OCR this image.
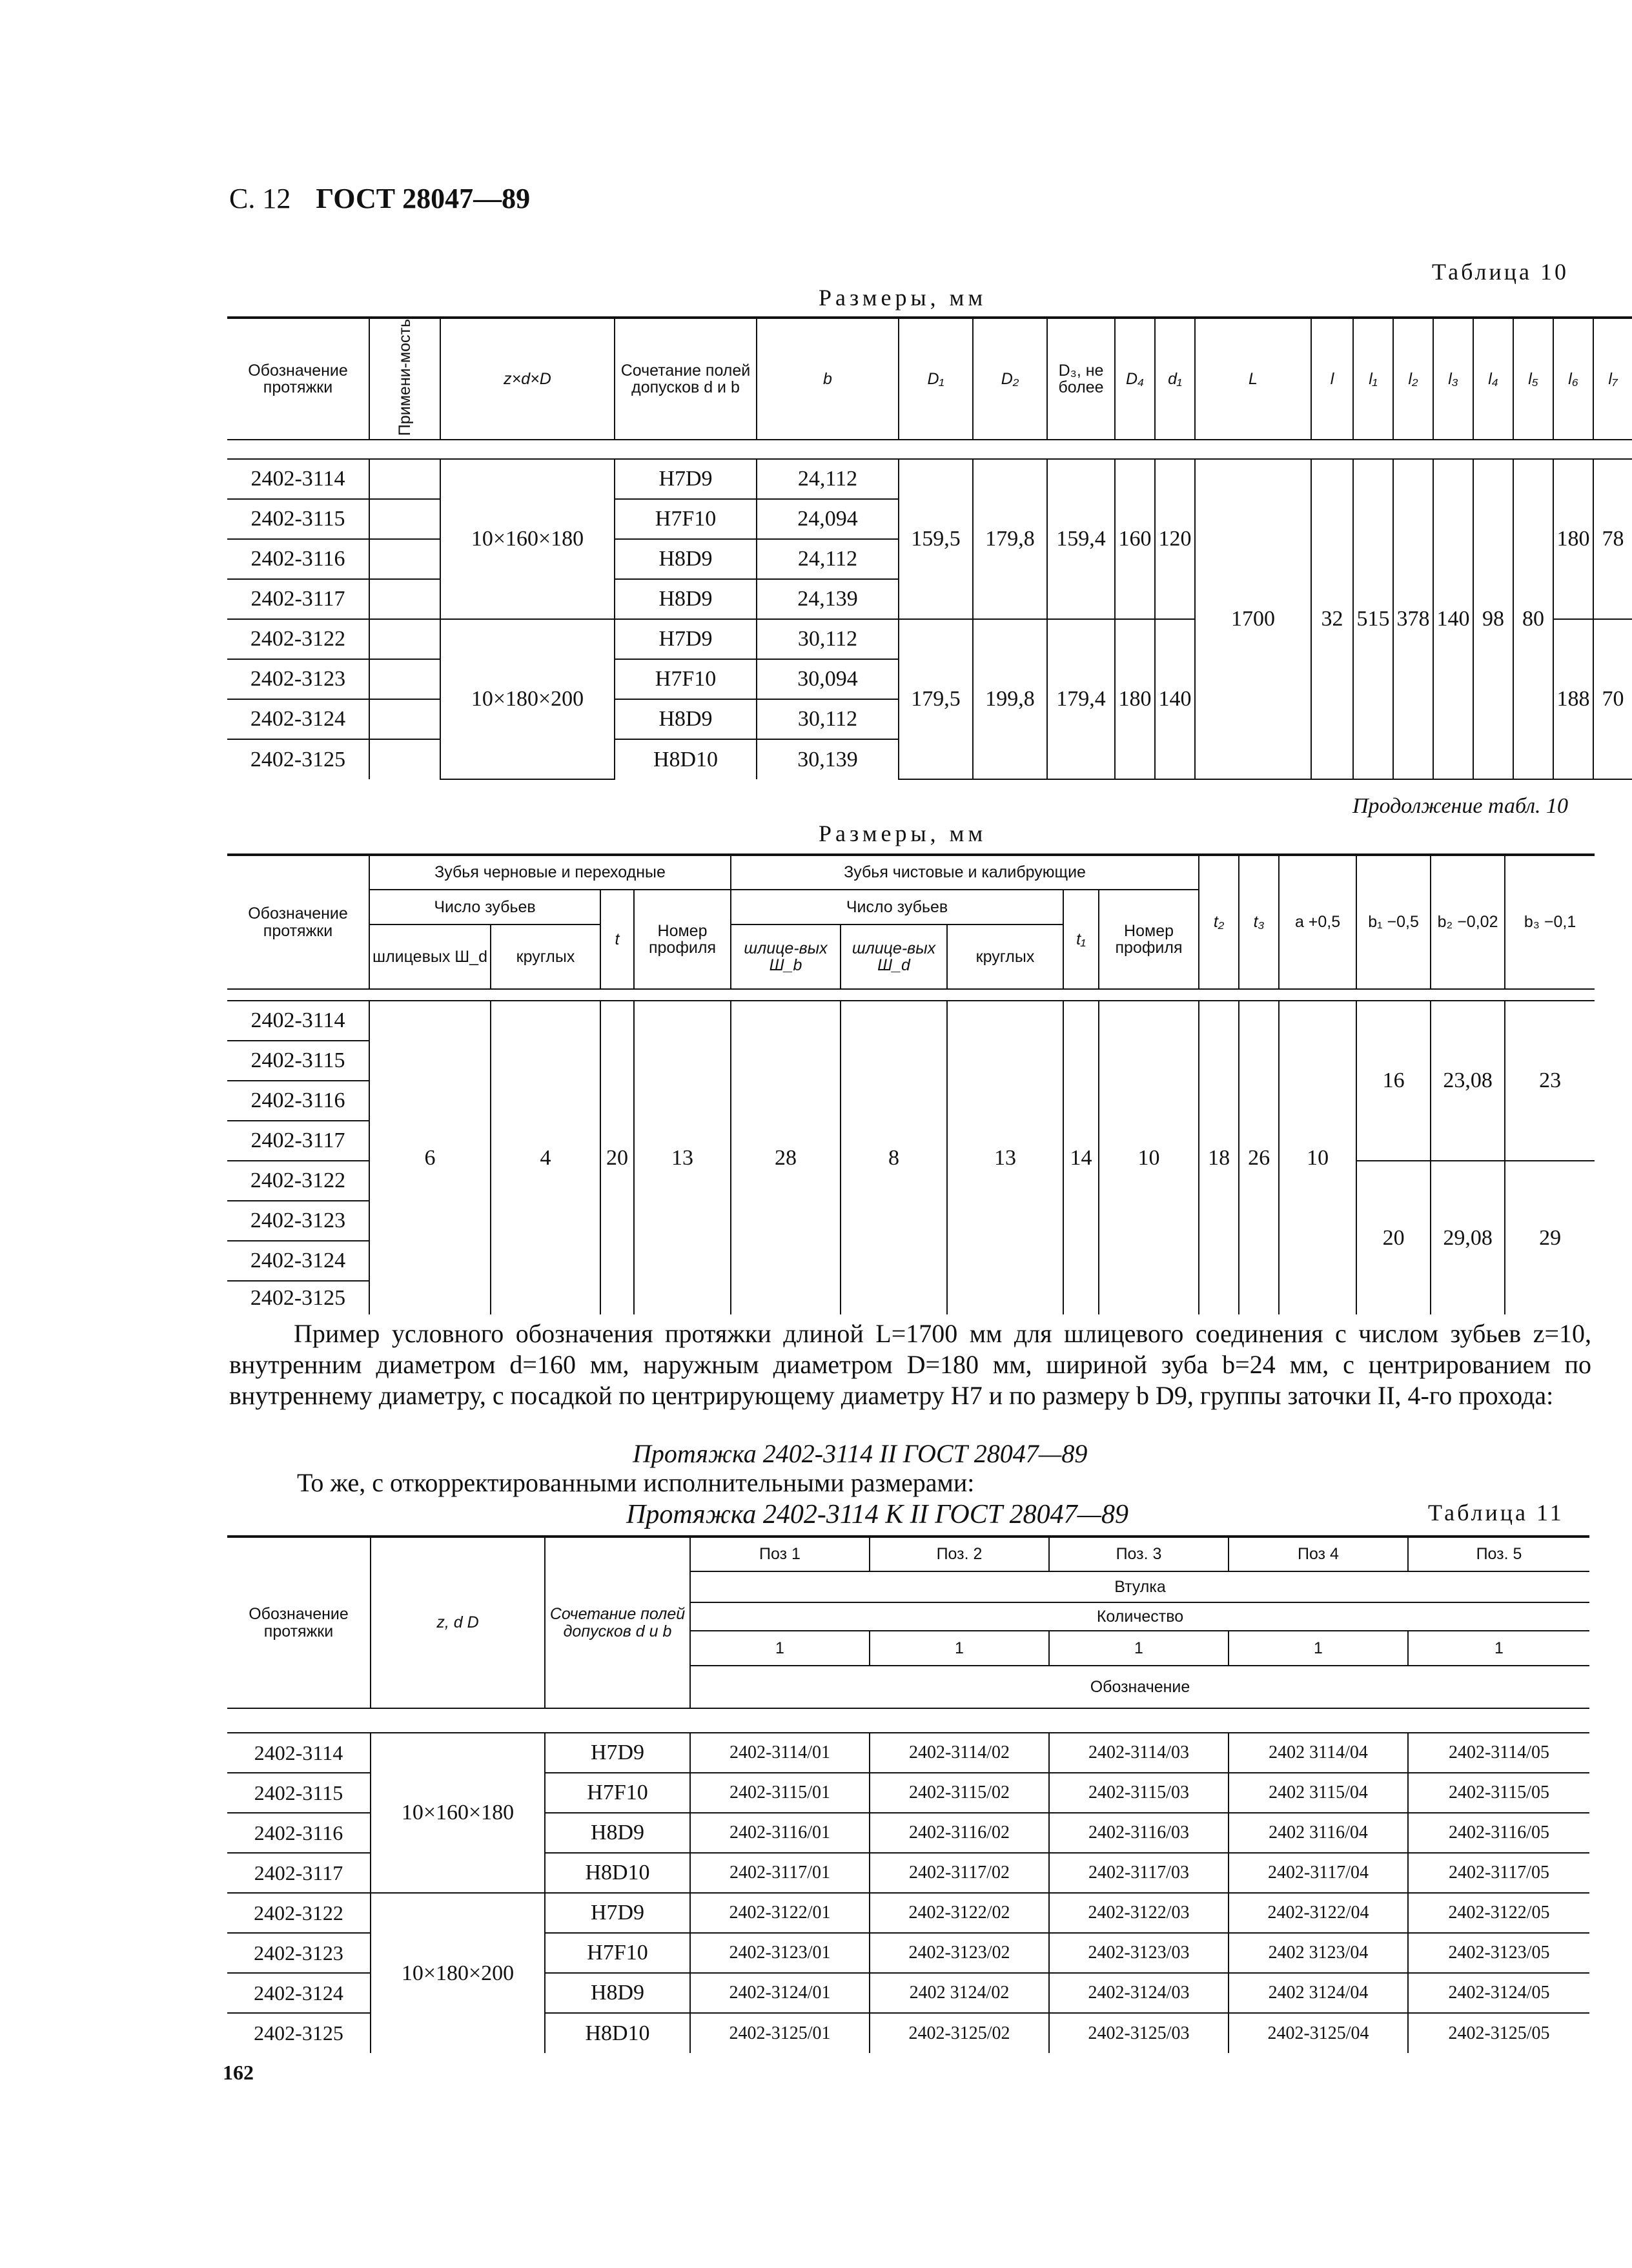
С. 12 ГОСТ 28047—89
Таблица 10
Размеры, мм
Обозначение протяжки	Примени-мость	z×d×D	Сочетание полей допусков d и b	b	D₁	D₂	D₃, не более	D₄	d₁	L	l	l₁	l₂	l₃	l₄	l₅	l₆	l₇

2402-3114		10×160×180	H7D9	24,112	159,5	179,8	159,4	160	120	1700	32	515	378	140	98	80	180	78
2402-3115			H7F10	24,094														
2402-3116			H8D9	24,112														
2402-3117			H8D9	24,139														
2402-3122		10×180×200	H7D9	30,112	179,5	199,8	179,4	180	140								188	70
2402-3123			H7F10	30,094														
2402-3124			H8D9	30,112														
2402-3125			H8D10	30,139														
Продолжение табл. 10
Размеры, мм
Обозначение протяжки	Зубья черновые и переходные				Зубья чистовые и калибрующие					t₂	t₃	a +0,5	b₁ −0,5	b₂ −0,02	b₃ −0,1
	Число зубьев		t	Номер профиля	Число зубьев			t₁	Номер профиля						
	шлицевых Ш_d	круглых			шлице-вых Ш_b	шлице-вых Ш_d	круглых								

2402-3114	6	4	20	13	28	8	13	14	10	18	26	10	16	23,08	23
2402-3115															
2402-3116															
2402-3117															
2402-3122													20	29,08	29
2402-3123															
2402-3124															
2402-3125															
Пример условного обозначения протяжки длиной L=1700 мм для шлицевого соединения с числом зубьев z=10, внутренним диаметром d=160 мм, наружным диаметром D=180 мм, шириной зуба b=24 мм, с центрированием по внутреннему диаметру, с посадкой по центрирующему диаметру H7 и по размеру b D9, группы заточки II, 4-го прохода:
Протяжка 2402-3114 II ГОСТ 28047—89
То же, с откорректированными исполнительными размерами:
Протяжка 2402-3114 К II ГОСТ 28047—89	Таблица 11
Обозначение протяжки	z, d D	Сочетание полей допусков d и b	Поз 1	Поз. 2	Поз. 3	Поз 4	Поз. 5
			Втулка				
			Количество				
			1	1	1	1	1
			Обозначение				

2402-3114	10×160×180	H7D9	2402-3114/01	2402-3114/02	2402-3114/03	2402 3114/04	2402-3114/05
2402-3115		H7F10	2402-3115/01	2402-3115/02	2402-3115/03	2402 3115/04	2402-3115/05
2402-3116		H8D9	2402-3116/01	2402-3116/02	2402-3116/03	2402 3116/04	2402-3116/05
2402-3117		H8D10	2402-3117/01	2402-3117/02	2402-3117/03	2402-3117/04	2402-3117/05
2402-3122	10×180×200	H7D9	2402-3122/01	2402-3122/02	2402-3122/03	2402-3122/04	2402-3122/05
2402-3123		H7F10	2402-3123/01	2402-3123/02	2402-3123/03	2402 3123/04	2402-3123/05
2402-3124		H8D9	2402-3124/01	2402 3124/02	2402-3124/03	2402 3124/04	2402-3124/05
2402-3125		H8D10	2402-3125/01	2402-3125/02	2402-3125/03	2402-3125/04	2402-3125/05
162
